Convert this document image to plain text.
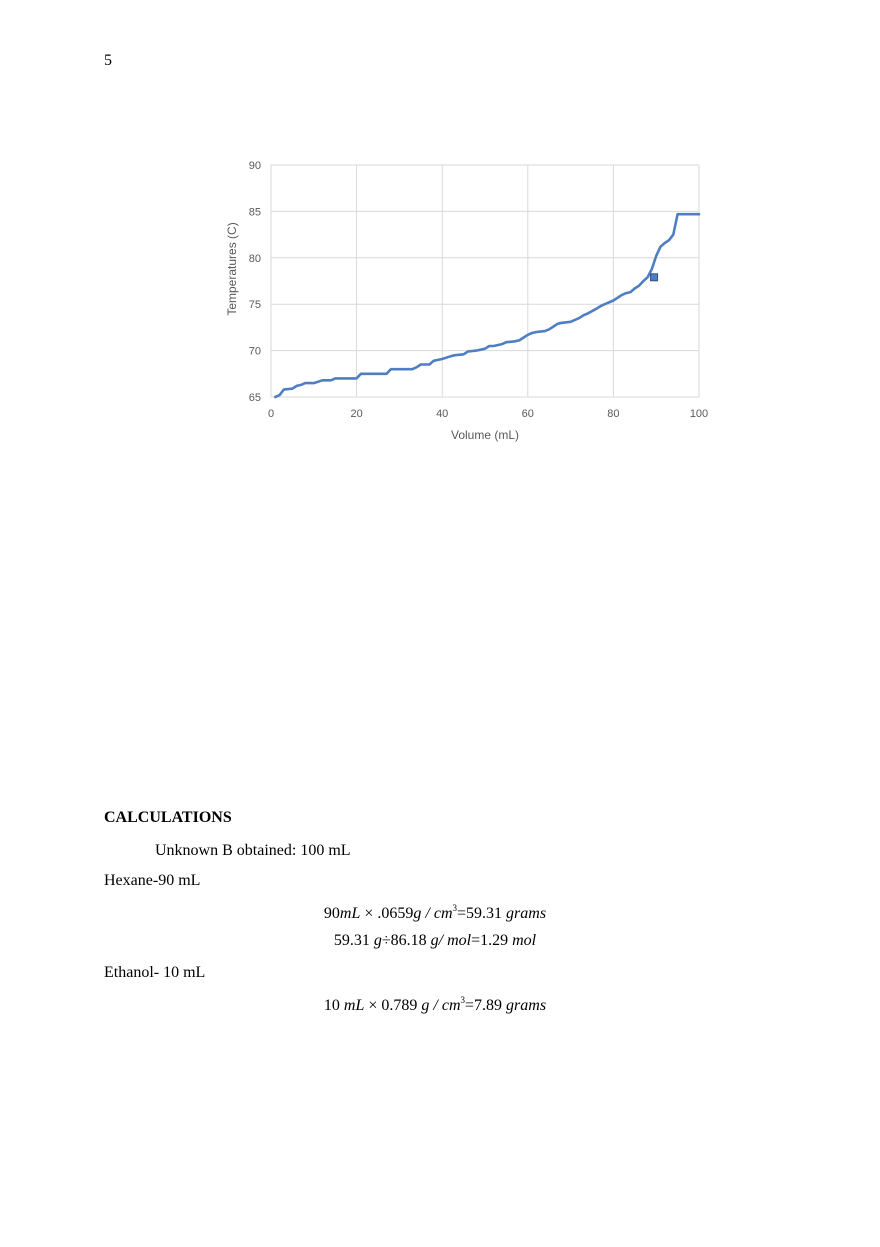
5
90
85
80
75
70
65
0	20	40	60	80	100
Temperatures (C)
Volume (mL)
CALCULATIONS
Unknown B obtained: 100 mL
Hexane-90 mL
$90mL \times .0659g / cm^3=59.31$ grams
59.31 g÷86.18 g/ mol=1.29 mol
Ethanol- 10 mL
10 mL × 0.789 $g / cm^3=7.89$ grams
